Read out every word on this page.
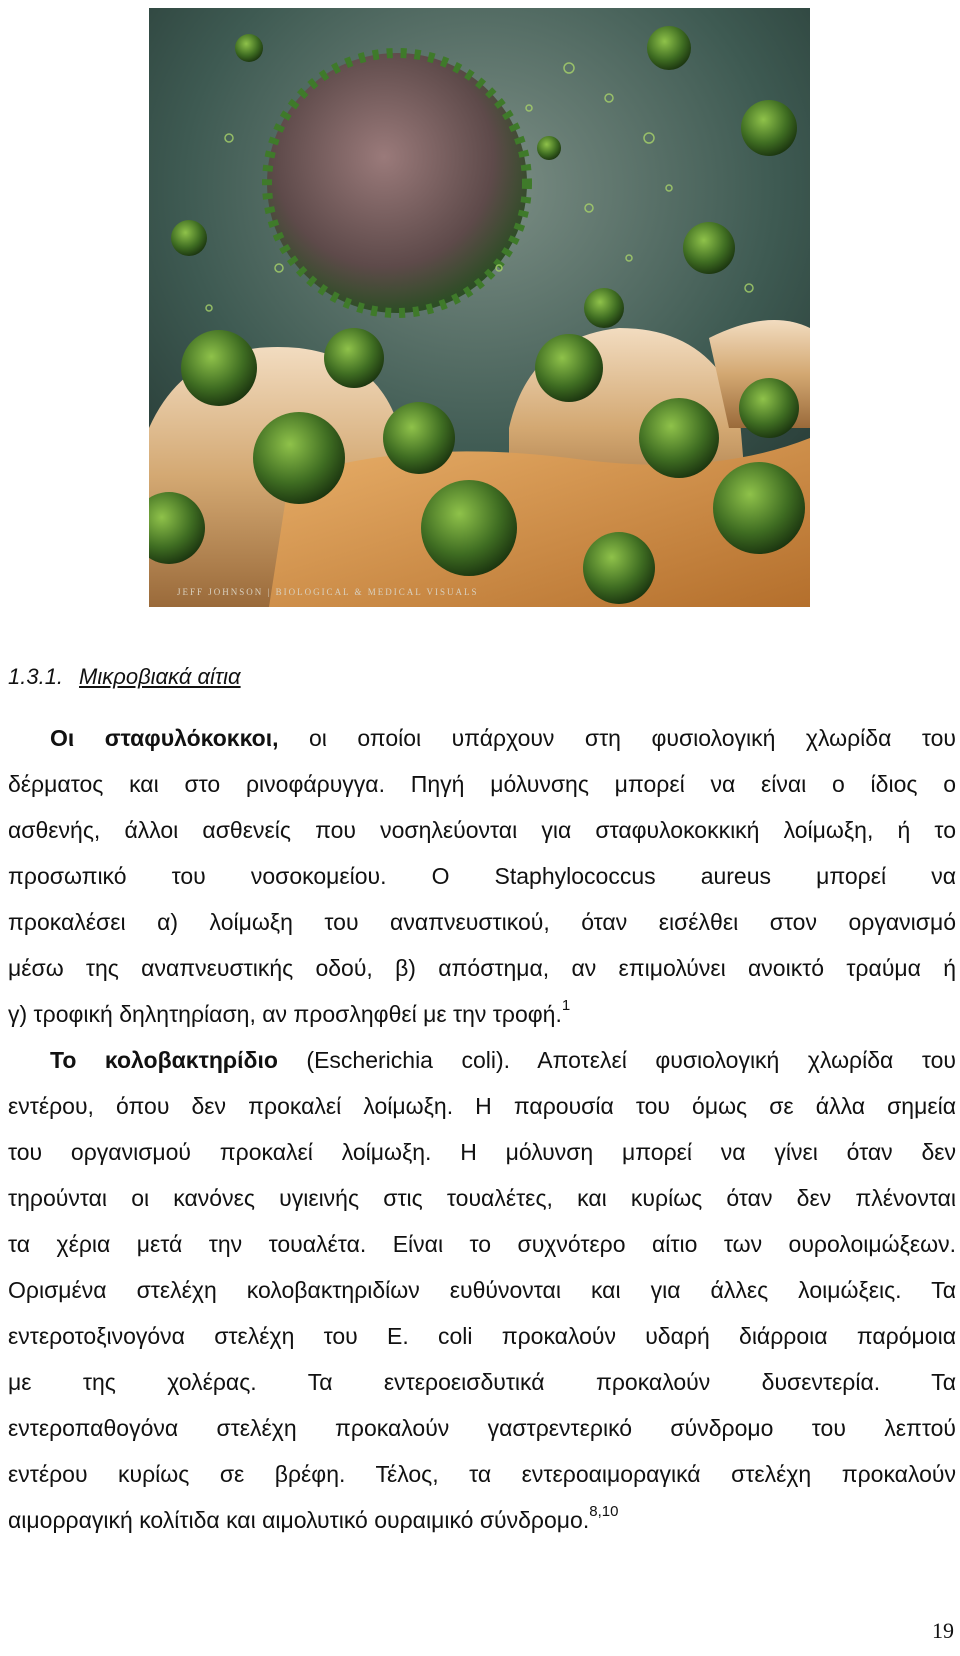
JEFF JOHNSON | BIOLOGICAL & MEDICAL VISUALS
1.3.1. Μικροβιακά αίτια
Οι σταφυλόκοκκοι, οι οποίοι υπάρχουν στη φυσιολογική χλωρίδα του
δέρματος και στο ρινοφάρυγγα. Πηγή μόλυνσης μπορεί να είναι ο ίδιος ο
ασθενής, άλλοι ασθενείς που νοσηλεύονται για σταφυλοκοκκική λοίμωξη, ή το
προσωπικό του νοσοκομείου. Ο Staphylococcus aureus μπορεί να
προκαλέσει α) λοίμωξη του αναπνευστικού, όταν εισέλθει στον οργανισμό
μέσω της αναπνευστικής οδού, β) απόστημα, αν επιμολύνει ανοικτό τραύμα ή
γ) τροφική δηλητηρίαση, αν προσληφθεί με την τροφή.$^1$
Το κολοβακτηρίδιο (Escherichia coli). Αποτελεί φυσιολογική χλωρίδα του
εντέρου, όπου δεν προκαλεί λοίμωξη. Η παρουσία του όμως σε άλλα σημεία
του οργανισμού προκαλεί λοίμωξη. Η μόλυνση μπορεί να γίνει όταν δεν
τηρούνται οι κανόνες υγιεινής στις τουαλέτες, και κυρίως όταν δεν πλένονται
τα χέρια μετά την τουαλέτα. Είναι το συχνότερο αίτιο των ουρολοιμώξεων.
Ορισμένα στελέχη κολοβακτηριδίων ευθύνονται και για άλλες λοιμώξεις. Τα
εντεροτοξινογόνα στελέχη του E. coli προκαλούν υδαρή διάρροια παρόμοια
με της χολέρας. Τα εντεροεισδυτικά προκαλούν δυσεντερία. Τα
εντεροπαθογόνα στελέχη προκαλούν γαστρεντερικό σύνδρομο του λεπτού
εντέρου κυρίως σε βρέφη. Τέλος, τα εντεροαιμοραγικά στελέχη προκαλούν
αιμορραγική κολίτιδα και αιμολυτικό ουραιμικό σύνδρομο.$^{8,10}$
19
